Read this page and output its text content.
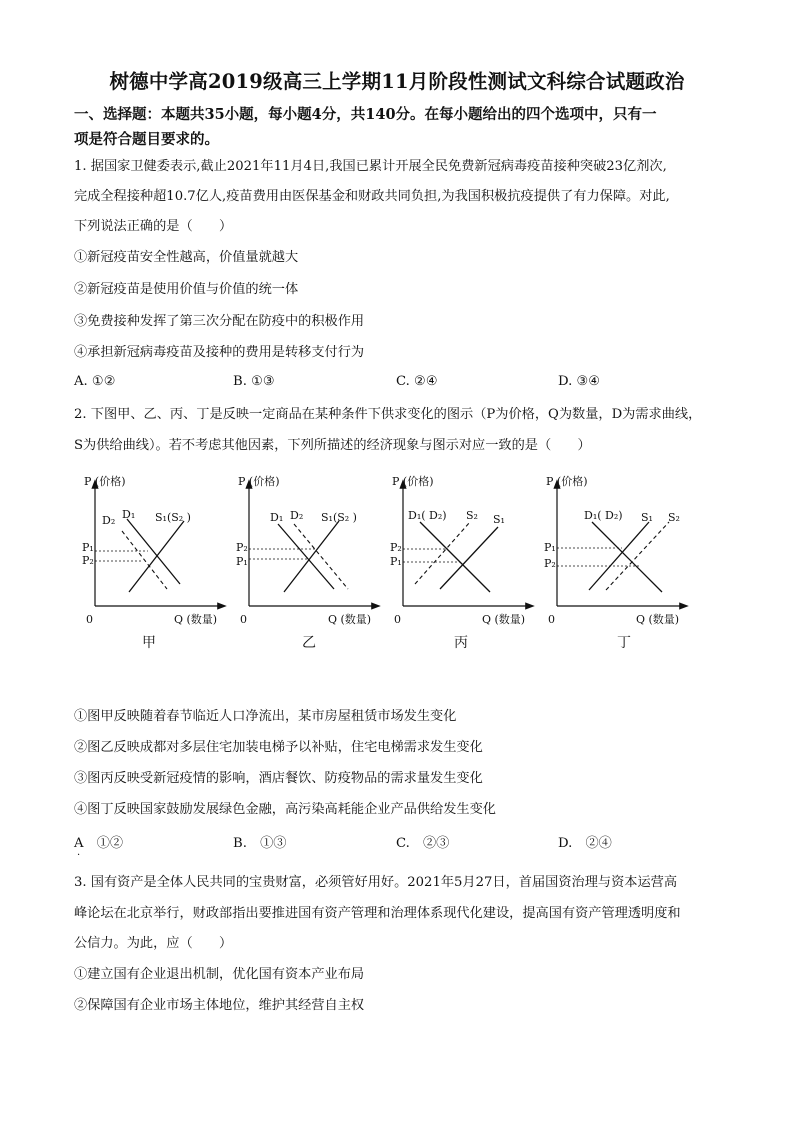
树德中学高2019级高三上学期11月阶段性测试文科综合试题政治
一、选择题：本题共35小题，每小题4分，共140分。在每小题给出的四个选项中，只有一
项是符合题目要求的。
1. 据国家卫健委表示,截止2021年11月4日,我国已累计开展全民免费新冠病毒疫苗接种突破23亿剂次,
完成全程接种超10.7亿人,疫苗费用由医保基金和财政共同负担,为我国积极抗疫提供了有力保障。对此,
下列说法正确的是（　　）
①新冠疫苗安全性越高，价值量就越大
②新冠疫苗是使用价值与价值的统一体
③免费接种发挥了第三次分配在防疫中的积极作用
④承担新冠病毒疫苗及接种的费用是转移支付行为
A. ①②	B. ①③	C. ②④	D. ③④
2. 下图甲、乙、丙、丁是反映一定商品在某种条件下供求变化的图示（P为价格，Q为数量，D为需求曲线，
S为供给曲线）。若不考虑其他因素，下列所描述的经济现象与图示对应一致的是（　　）
P (价格)
Q (数量)
0
D₂ D₁ S₁(S₂ )
P₁
P₂
甲
P (价格)
Q (数量)
0
D₁ D₂ S₁(S₂ )
P₂
P₁
乙
P (价格)
Q (数量)
0
D₁( D₂) S₂ S₁
P₂
P₁
丙
P (价格)
Q (数量)
0
D₁( D₂) S₁ S₂
P₁
P₂
丁
①图甲反映随着春节临近人口净流出，某市房屋租赁市场发生变化
②图乙反映成都对多层住宅加装电梯予以补贴，住宅电梯需求发生变化
③图丙反映受新冠疫情的影响，酒店餐饮、防疫物品的需求量发生变化
④图丁反映国家鼓励发展绿色金融，高污染高耗能企业产品供给发生变化
A　①②	B.　①③	C.　②③	D.　②④
·
3. 国有资产是全体人民共同的宝贵财富，必须管好用好。2021年5月27日，首届国资治理与资本运营高
峰论坛在北京举行，财政部指出要推进国有资产管理和治理体系现代化建设，提高国有资产管理透明度和
公信力。为此，应（　　）
①建立国有企业退出机制，优化国有资本产业布局
②保障国有企业市场主体地位，维护其经营自主权
